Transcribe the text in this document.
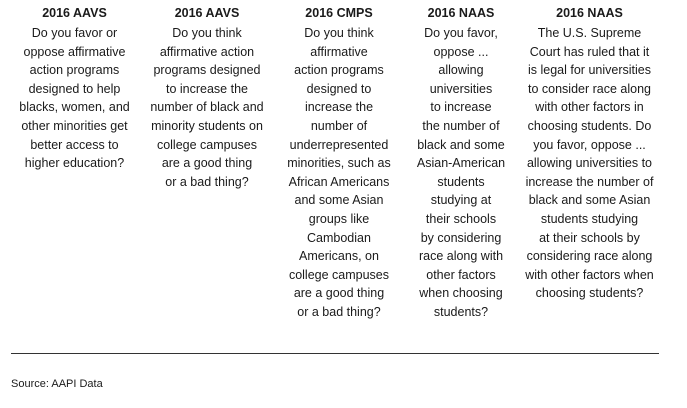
2016 AAVS
Do you favor or
oppose affirmative
action programs
designed to help
blacks, women, and
other minorities get
better access to
higher education?
2016 AAVS
Do you think
affirmative action
programs designed
to increase the
number of black and
minority students on
college campuses
are a good thing
or a bad thing?
2016 CMPS
Do you think
affirmative
action programs
designed to
increase the
number of
underrepresented
minorities, such as
African Americans
and some Asian
groups like
Cambodian
Americans, on
college campuses
are a good thing
or a bad thing?
2016 NAAS
Do you favor,
oppose ...
allowing
universities
to increase
the number of
black and some
Asian-American
students
studying at
their schools
by considering
race along with
other factors
when choosing
students?
2016 NAAS
The U.S. Supreme
Court has ruled that it
is legal for universities
to consider race along
with other factors in
choosing students. Do
you favor, oppose ...
allowing universities to
increase the number of
black and some Asian
students studying
at their schools by
considering race along
with other factors when
choosing students?
Source: AAPI Data
